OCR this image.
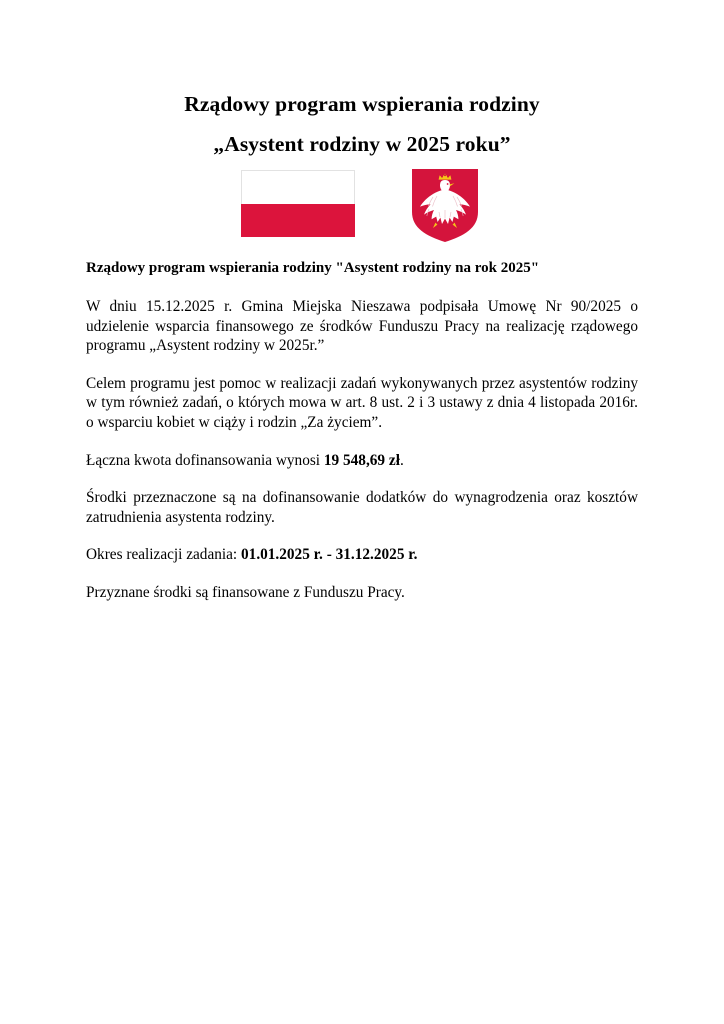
Rządowy program wspierania rodziny
„Asystent rodziny w 2025 roku”
Rządowy program wspierania rodziny "Asystent rodziny na rok 2025"

W dniu 15.12.2025 r. Gmina Miejska Nieszawa podpisała Umowę Nr 90/2025 o udzielenie wsparcia finansowego ze środków Funduszu Pracy na realizację rządowego programu „Asystent rodziny w 2025r.”

Celem programu jest pomoc w realizacji zadań wykonywanych przez asystentów rodziny w tym również zadań, o których mowa w art. 8 ust. 2 i 3 ustawy z dnia 4 listopada 2016r. o wsparciu kobiet w ciąży i rodzin „Za życiem”.

Łączna kwota dofinansowania wynosi 19 548,69 zł.

Środki przeznaczone są na dofinansowanie dodatków do wynagrodzenia oraz kosztów zatrudnienia asystenta rodziny.

Okres realizacji zadania: 01.01.2025 r. - 31.12.2025 r.

Przyznane środki są finansowane z Funduszu Pracy.
